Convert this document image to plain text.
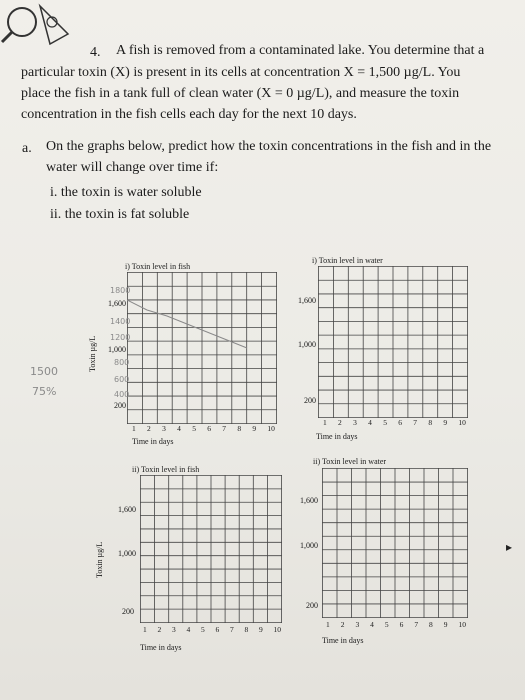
4. A fish is removed from a contaminated lake. You determine that a
particular toxin (X) is present in its cells at concentration X = 1,500 µg/L. You
place the fish in a tank full of clean water (X = 0 µg/L), and measure the toxin
concentration in the fish cells each day for the next 10 days.
a. On the graphs below, predict how the toxin concentrations in the fish and in the
water will change over time if:
i. the toxin is water soluble
ii. the toxin is fat soluble
i) Toxin level in fish
1,600
1,000
200
1 2 3 4 5 6 7 8 9 10
Time in days
Toxin µg/L
i) Toxin level in water
1,600
1,000
200
1 2 3 4 5 6 7 8 9 10
Time in days
ii) Toxin level in fish
1,600
1,000
200
1 2 3 4 5 6 7 8 9 10
Time in days
Toxin µg/L
ii) Toxin level in water
1,600
1,000
200
1 2 3 4 5 6 7 8 9 10
Time in days
1800
1400
1200
800
600
400
1500
75%
▸
